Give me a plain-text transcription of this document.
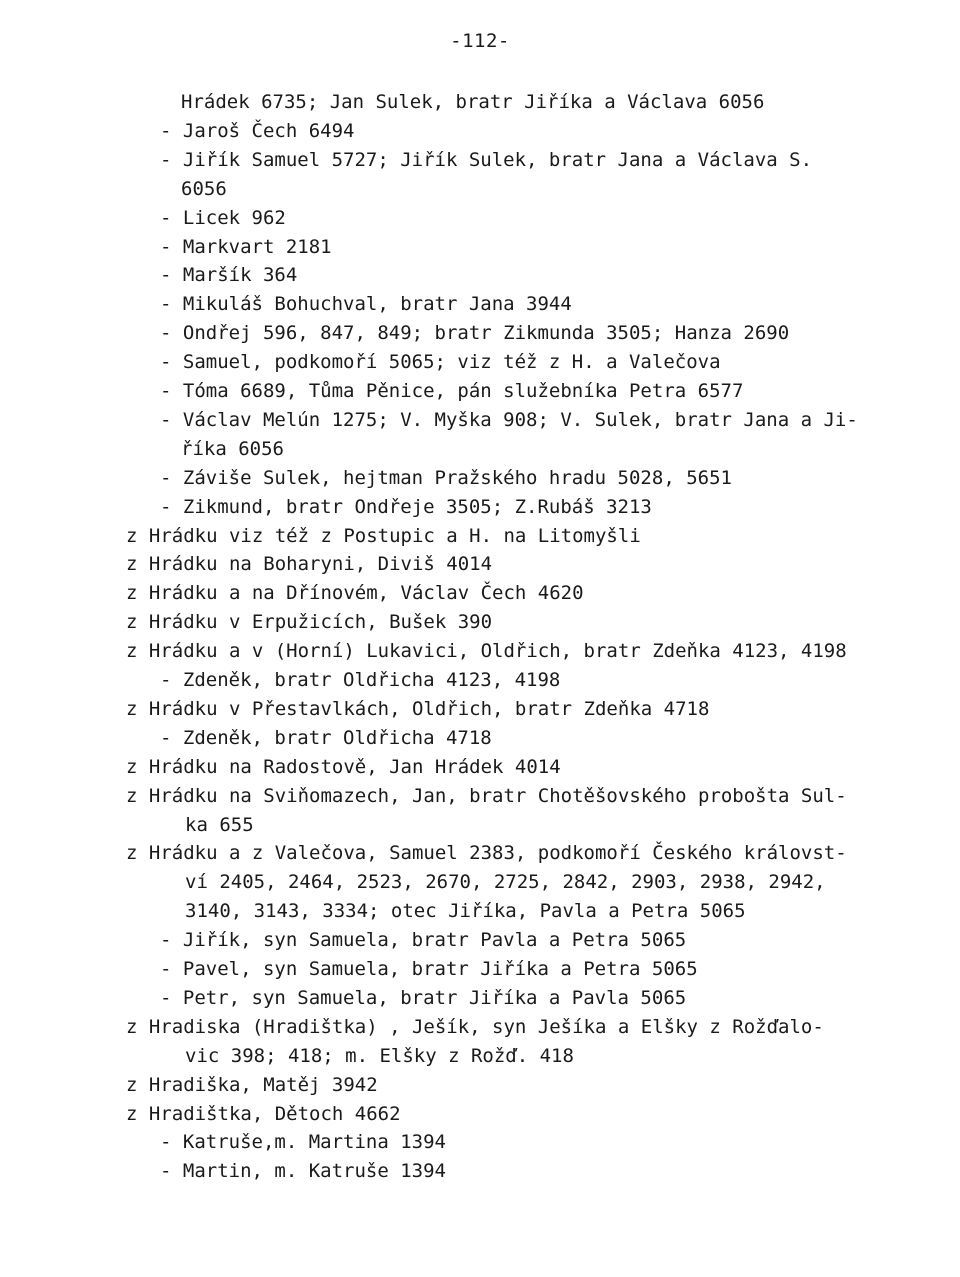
-112-
Hrádek 6735; Jan Sulek, bratr Jiříka a Václava 6056
- Jaroš Čech 6494
- Jiřík Samuel 5727; Jiřík Sulek, bratr Jana a Václava S.
6056
- Licek 962
- Markvart 2181
- Maršík 364
- Mikuláš Bohuchval, bratr Jana 3944
- Ondřej 596, 847, 849; bratr Zikmunda 3505; Hanza 2690
- Samuel, podkomoří 5065; viz též z H. a Valečova
- Tóma 6689, Tůma Pěnice, pán služebníka Petra 6577
- Václav Melún 1275; V. Myška 908; V. Sulek, bratr Jana a Ji-
říka 6056
- Záviše Sulek, hejtman Pražského hradu 5028, 5651
- Zikmund, bratr Ondřeje 3505; Z.Rubáš 3213
z Hrádku viz též z Postupic a H. na Litomyšli
z Hrádku na Boharyni, Diviš 4014
z Hrádku a na Dřínovém, Václav Čech 4620
z Hrádku v Erpužicích, Bušek 390
z Hrádku a v (Horní) Lukavici, Oldřich, bratr Zdeňka 4123, 4198
- Zdeněk, bratr Oldřicha 4123, 4198
z Hrádku v Přestavlkách, Oldřich, bratr Zdeňka 4718
- Zdeněk, bratr Oldřicha 4718
z Hrádku na Radostově, Jan Hrádek 4014
z Hrádku na Sviňomazech, Jan, bratr Chotěšovského probošta Sul-
ka 655
z Hrádku a z Valečova, Samuel 2383, podkomoří Českého královst-
ví 2405, 2464, 2523, 2670, 2725, 2842, 2903, 2938, 2942,
3140, 3143, 3334; otec Jiříka, Pavla a Petra 5065
- Jiřík, syn Samuela, bratr Pavla a Petra 5065
- Pavel, syn Samuela, bratr Jiříka a Petra 5065
- Petr, syn Samuela, bratr Jiříka a Pavla 5065
z Hradiska (Hradištka) , Ješík, syn Ješíka a Elšky z Rožďalo-
vic 398; 418; m. Elšky z Rožď. 418
z Hradiška, Matěj 3942
z Hradištka, Dětoch 4662
- Katruše,m. Martina 1394
- Martin, m. Katruše 1394
